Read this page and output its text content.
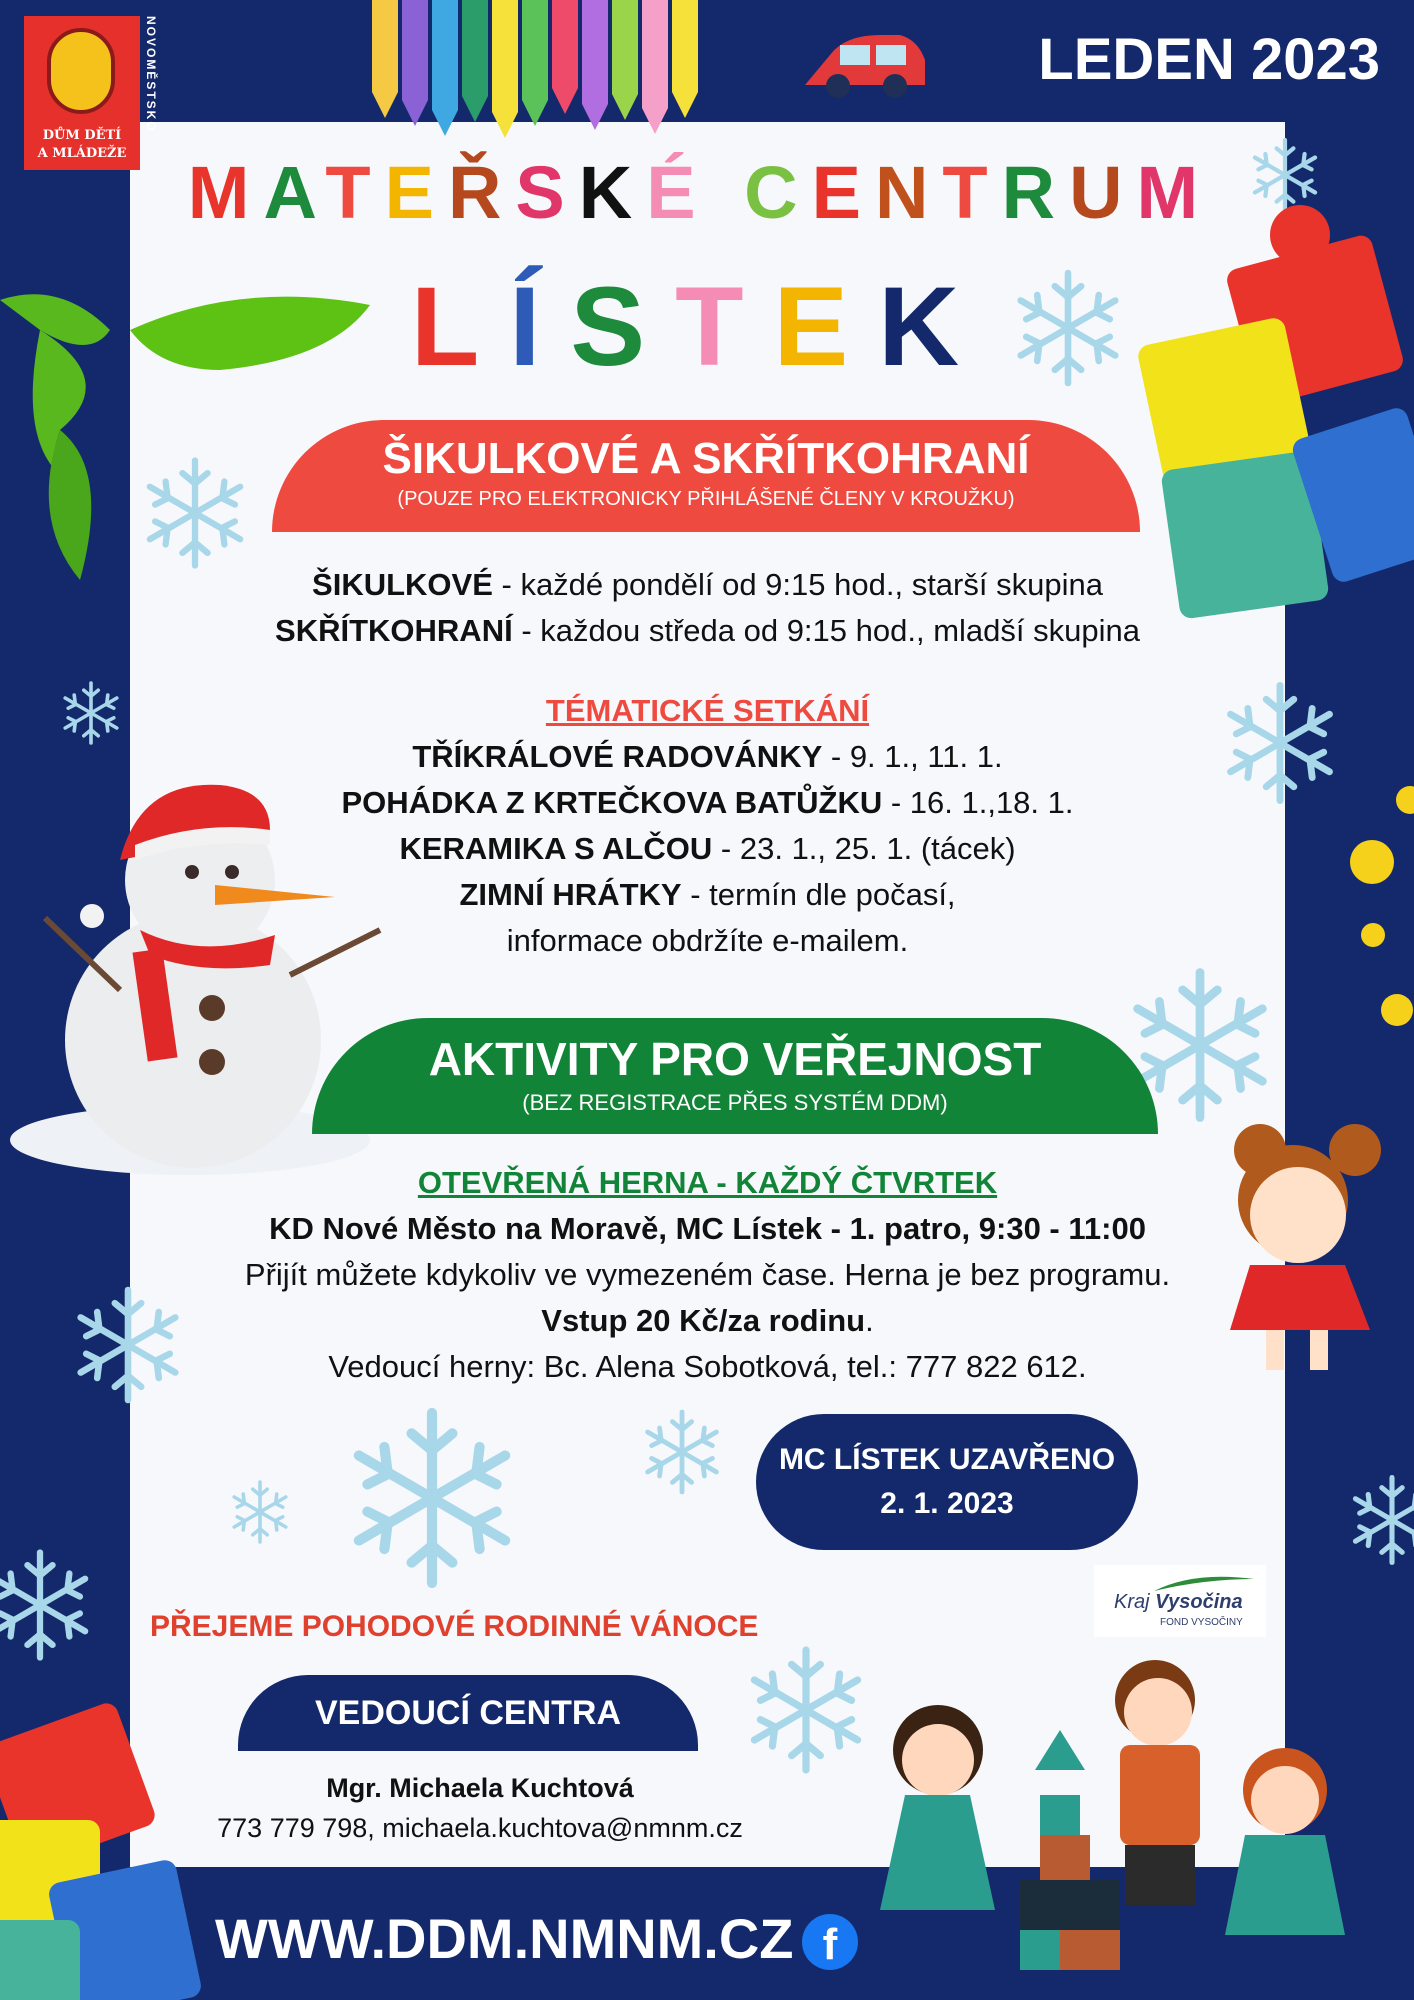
DŮM DĚTÍ
A MLÁDEŽE
NOVOMĚSTSKO	LEDEN 2023
MATEŘSKÉ CENTRUM
LÍSTEK
ŠIKULKOVÉ A SKŘÍTKOHRANÍ
(POUZE PRO ELEKTRONICKY PŘIHLÁŠENÉ ČLENY V KROUŽKU)
ŠIKULKOVÉ - každé pondělí od 9:15 hod., starší skupina
SKŘÍTKOHRANÍ - každou středa od 9:15 hod., mladší skupina
TÉMATICKÉ SETKÁNÍ
TŘÍKRÁLOVÉ RADOVÁNKY - 9. 1., 11. 1.
POHÁDKA Z KRTEČKOVA BATŮŽKU - 16. 1.,18. 1.
KERAMIKA S ALČOU - 23. 1., 25. 1. (tácek)
ZIMNÍ HRÁTKY - termín dle počasí,
informace obdržíte e-mailem.
AKTIVITY PRO VEŘEJNOST
(BEZ REGISTRACE PŘES SYSTÉM DDM)
OTEVŘENÁ HERNA - KAŽDÝ ČTVRTEK
KD Nové Město na Moravě, MC Lístek - 1. patro, 9:30 - 11:00
Přijít můžete kdykoliv ve vymezeném čase. Herna je bez programu.
Vstup 20 Kč/za rodinu.
Vedoucí herny: Bc. Alena Sobotková, tel.: 777 822 612.
MC LÍSTEK UZAVŘENO
2. 1. 2023
PŘEJEME POHODOVÉ RODINNÉ VÁNOCE
Kraj Vysočina
FOND VYSOČINY
VEDOUCÍ CENTRA
Mgr. Michaela Kuchtová
773 779 798, michaela.kuchtova@nmnm.cz
WWW.DDM.NMNM.CZ f
